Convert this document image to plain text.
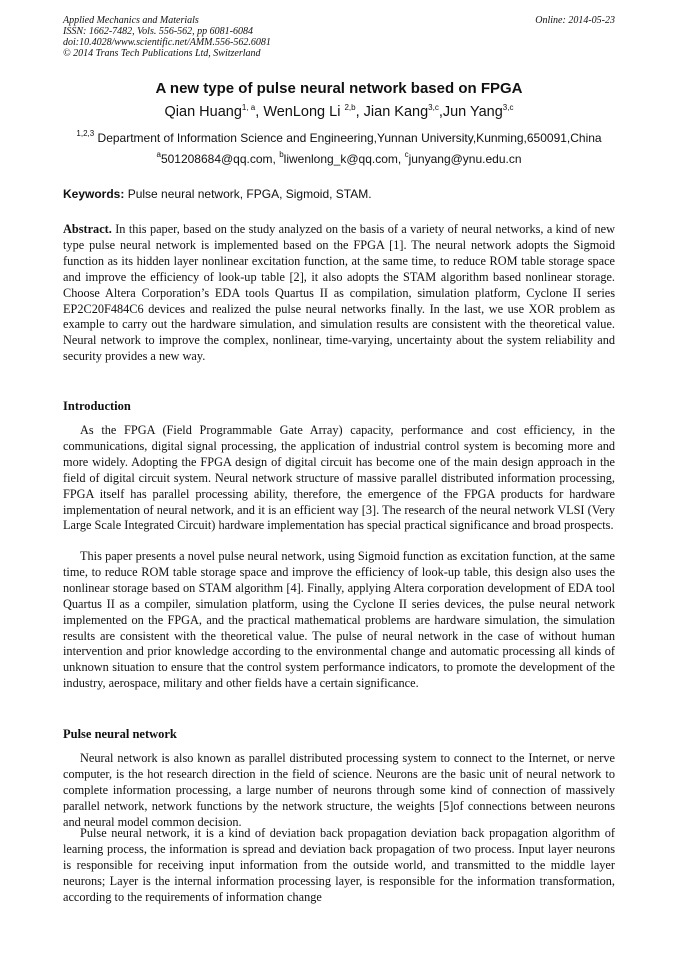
Applied Mechanics and Materials	Online: 2014-05-23
ISSN: 1662-7482, Vols. 556-562, pp 6081-6084
doi:10.4028/www.scientific.net/AMM.556-562.6081
© 2014 Trans Tech Publications Ltd, Switzerland
A new type of pulse neural network based on FPGA
Qian Huang$^{1, a}$, WenLong Li $^{2,b}$, Jian Kang$^{3,c}$,Jun Yang$^{3,c}$
$^{1,2,3}$ Department of Information Science and Engineering,Yunnan University,Kunming,650091,China
$^a$501208684@qq.com, $^b$liwenlong_k@qq.com, $^c$junyang@ynu.edu.cn
Keywords: Pulse neural network, FPGA, Sigmoid, STAM.

Abstract. In this paper, based on the study analyzed on the basis of a variety of neural networks, a kind of new type pulse neural network is implemented based on the FPGA [1]. The neural network adopts the Sigmoid function as its hidden layer nonlinear excitation function, at the same time, to reduce ROM table storage space and improve the efficiency of look-up table [2], it also adopts the STAM algorithm based nonlinear storage. Choose Altera Corporation’s EDA tools Quartus II as compilation, simulation platform, Cyclone II series EP2C20F484C6 devices and realized the pulse neural networks finally. In the last, we use XOR problem as example to carry out the hardware simulation, and simulation results are consistent with the theoretical value. Neural network to improve the complex, nonlinear, time-varying, uncertainty about the system reliability and security provides a new way.

Introduction

As the FPGA (Field Programmable Gate Array) capacity, performance and cost efficiency, in the communications, digital signal processing, the application of industrial control system is becoming more and more widely. Adopting the FPGA design of digital circuit has become one of the main design approach in the field of digital circuit system. Neural network structure of massive parallel distributed information processing, FPGA itself has parallel processing ability, therefore, the emergence of the FPGA products for hardware implementation of neural network, and it is an efficient way [3]. The research of the neural network VLSI (Very Large Scale Integrated Circuit) hardware implementation has special practical significance and broad prospects.

This paper presents a novel pulse neural network, using Sigmoid function as excitation function, at the same time, to reduce ROM table storage space and improve the efficiency of look-up table, this design also uses the nonlinear storage based on STAM algorithm [4]. Finally, applying Altera corporation development of EDA tool Quartus II as a compiler, simulation platform, using the Cyclone II series devices, the pulse neural network implemented on the FPGA, and the practical mathematical problems are hardware simulation, the simulation results are consistent with the theoretical value. The pulse of neural network in the case of without human intervention and prior knowledge according to the environmental change and automatic processing all kinds of unknown situation to ensure that the control system performance indicators, to promote the development of the industry, aerospace, military and other fields have a certain significance.

Pulse neural network

Neural network is also known as parallel distributed processing system to connect to the Internet, or nerve computer, is the hot research direction in the field of science. Neurons are the basic unit of neural network to complete information processing, a large number of neurons through some kind of connection of massively parallel network, network functions by the network structure, the weights [5]of connections between neurons and neural model common decision.

Pulse neural network, it is a kind of deviation back propagation deviation back propagation algorithm of learning process, the information is spread and deviation back propagation of two process. Input layer neurons is responsible for receiving input information from the outside world, and transmitted to the middle layer neurons; Layer is the internal information processing layer, is responsible for the information transformation, according to the requirements of information change
